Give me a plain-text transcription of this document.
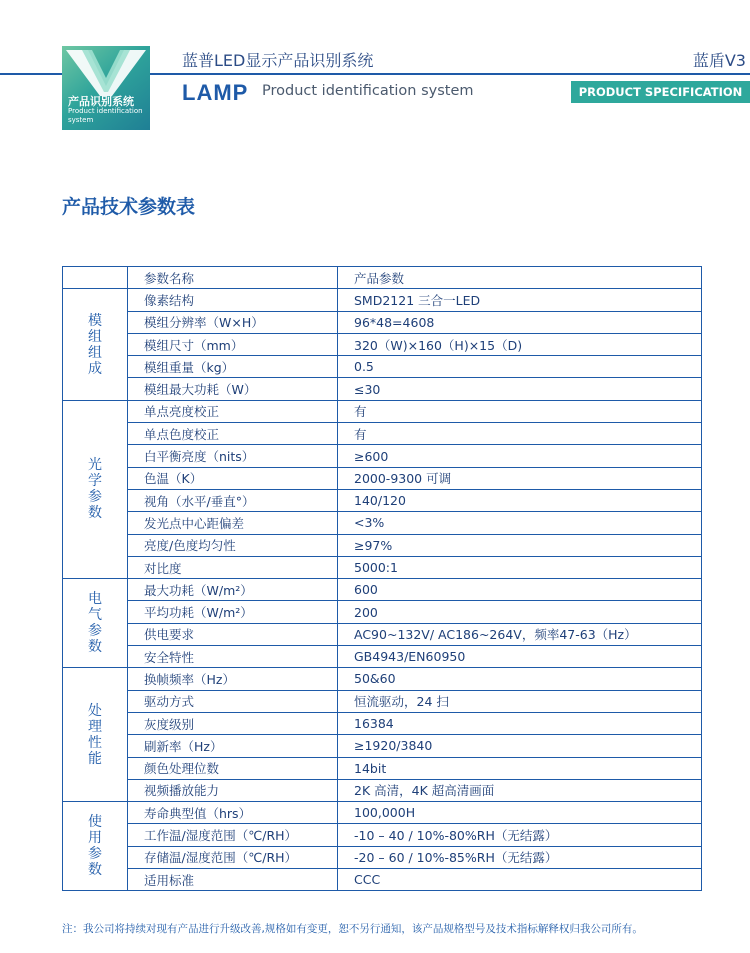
产品识别系统
Product identification system
蓝普LED显示产品识别系统	蓝盾V3
LAMP Product identification system	PRODUCT SPECIFICATION
产品技术参数表
	参数名称	产品参数
模组组成	像素结构	SMD2121 三合一LED
	模组分辨率（W×H）	96*48=4608
	模组尺寸（mm）	320（W)×160（H)×15（D)
	模组重量（kg）	0.5
	模组最大功耗（W）	≤30
光学参数	单点亮度校正	有
	单点色度校正	有
	白平衡亮度（nits）	≥600
	色温（K）	2000-9300 可调
	视角（水平/垂直°）	140/120
	发光点中心距偏差	<3%
	亮度/色度均匀性	≥97%
	对比度	5000:1
电气参数	最大功耗（W/m²）	600
	平均功耗（W/m²）	200
	供电要求	AC90~132V/ AC186~264V，频率47-63（Hz）
	安全特性	GB4943/EN60950
处理性能	换帧频率（Hz）	50&60
	驱动方式	恒流驱动，24 扫
	灰度级别	16384
	刷新率（Hz）	≥1920/3840
	颜色处理位数	14bit
	视频播放能力	2K 高清，4K 超高清画面
使用参数	寿命典型值（hrs）	100,000H
	工作温/湿度范围（℃/RH）	-10 – 40 / 10%-80%RH（无结露）
	存储温/湿度范围（℃/RH）	-20 – 60 / 10%-85%RH（无结露）
	适用标准	CCC
注：我公司将持续对现有产品进行升级改善,规格如有变更，恕不另行通知，该产品规格型号及技术指标解释权归我公司所有。
